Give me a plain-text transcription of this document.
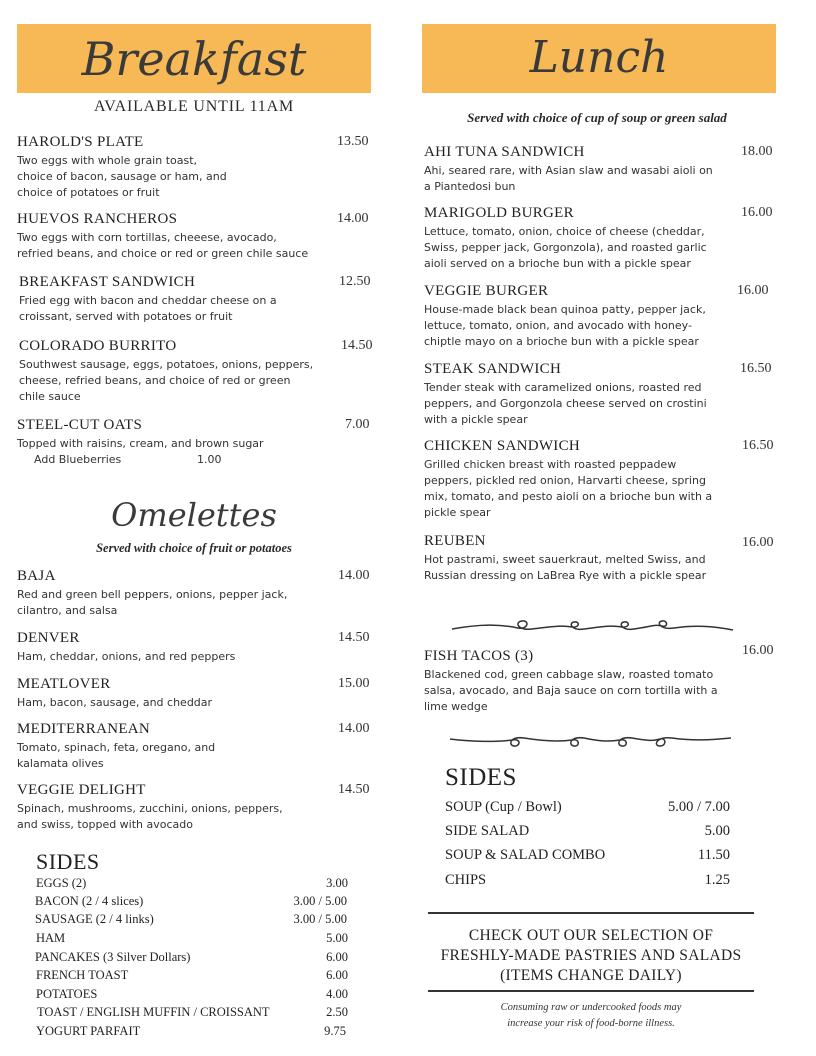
Breakfast
AVAILABLE UNTIL 11AM
HAROLD'S PLATE	13.50
Two eggs with whole grain toast,
choice of bacon, sausage or ham, and
choice of potatoes or fruit
HUEVOS RANCHEROS	14.00
Two eggs with corn tortillas, cheeese, avocado,
refried beans, and choice or red or green chile sauce
BREAKFAST SANDWICH	12.50
Fried egg with bacon and cheddar cheese on a
croissant, served with potatoes or fruit
COLORADO BURRITO	14.50
Southwest sausage, eggs, potatoes, onions, peppers,
cheese, refried beans, and choice of red or green
chile sauce
STEEL-CUT OATS	7.00
Topped with raisins, cream, and brown sugar
Add Blueberries	1.00
Omelettes
Served with choice of fruit or potatoes
BAJA	14.00
Red and green bell peppers, onions, pepper jack,
cilantro, and salsa
DENVER	14.50
Ham, cheddar, onions, and red peppers
MEATLOVER	15.00
Ham, bacon, sausage, and cheddar
MEDITERRANEAN	14.00
Tomato, spinach, feta, oregano, and
kalamata olives
VEGGIE DELIGHT	14.50
Spinach, mushrooms, zucchini, onions, peppers,
and swiss, topped with avocado
SIDES
EGGS (2)	3.00
BACON (2 / 4 slices)	3.00 / 5.00
SAUSAGE (2 / 4 links)	3.00 / 5.00
HAM	5.00
PANCAKES (3 Silver Dollars)	6.00
FRENCH TOAST	6.00
POTATOES	4.00
TOAST / ENGLISH MUFFIN / CROISSANT	2.50
YOGURT PARFAIT	9.75
Lunch
Served with choice of cup of soup or green salad
AHI TUNA SANDWICH	18.00
Ahi, seared rare, with Asian slaw and wasabi aioli on
a Piantedosi bun
MARIGOLD BURGER	16.00
Lettuce, tomato, onion, choice of cheese (cheddar,
Swiss, pepper jack, Gorgonzola), and roasted garlic
aioli served on a brioche bun with a pickle spear
VEGGIE BURGER	16.00
House-made black bean quinoa patty, pepper jack,
lettuce, tomato, onion, and avocado with honey-
chiptle mayo on a brioche bun with a pickle spear
STEAK SANDWICH	16.50
Tender steak with caramelized onions, roasted red
peppers, and Gorgonzola cheese served on crostini
with a pickle spear
CHICKEN SANDWICH	16.50
Grilled chicken breast with roasted peppadew
peppers, pickled red onion, Harvarti cheese, spring
mix, tomato, and pesto aioli on a brioche bun with a
pickle spear
REUBEN	16.00
Hot pastrami, sweet sauerkraut, melted Swiss, and
Russian dressing on LaBrea Rye with a pickle spear
FISH TACOS (3)	16.00
Blackened cod, green cabbage slaw, roasted tomato
salsa, avocado, and Baja sauce on corn tortilla with a
lime wedge
SIDES
SOUP (Cup / Bowl)	5.00 / 7.00
SIDE SALAD	5.00
SOUP & SALAD COMBO	11.50
CHIPS	1.25
CHECK OUT OUR SELECTION OF
FRESHLY-MADE PASTRIES AND SALADS
(ITEMS CHANGE DAILY)
Consuming raw or undercooked foods may
increase your risk of food-borne illness.
